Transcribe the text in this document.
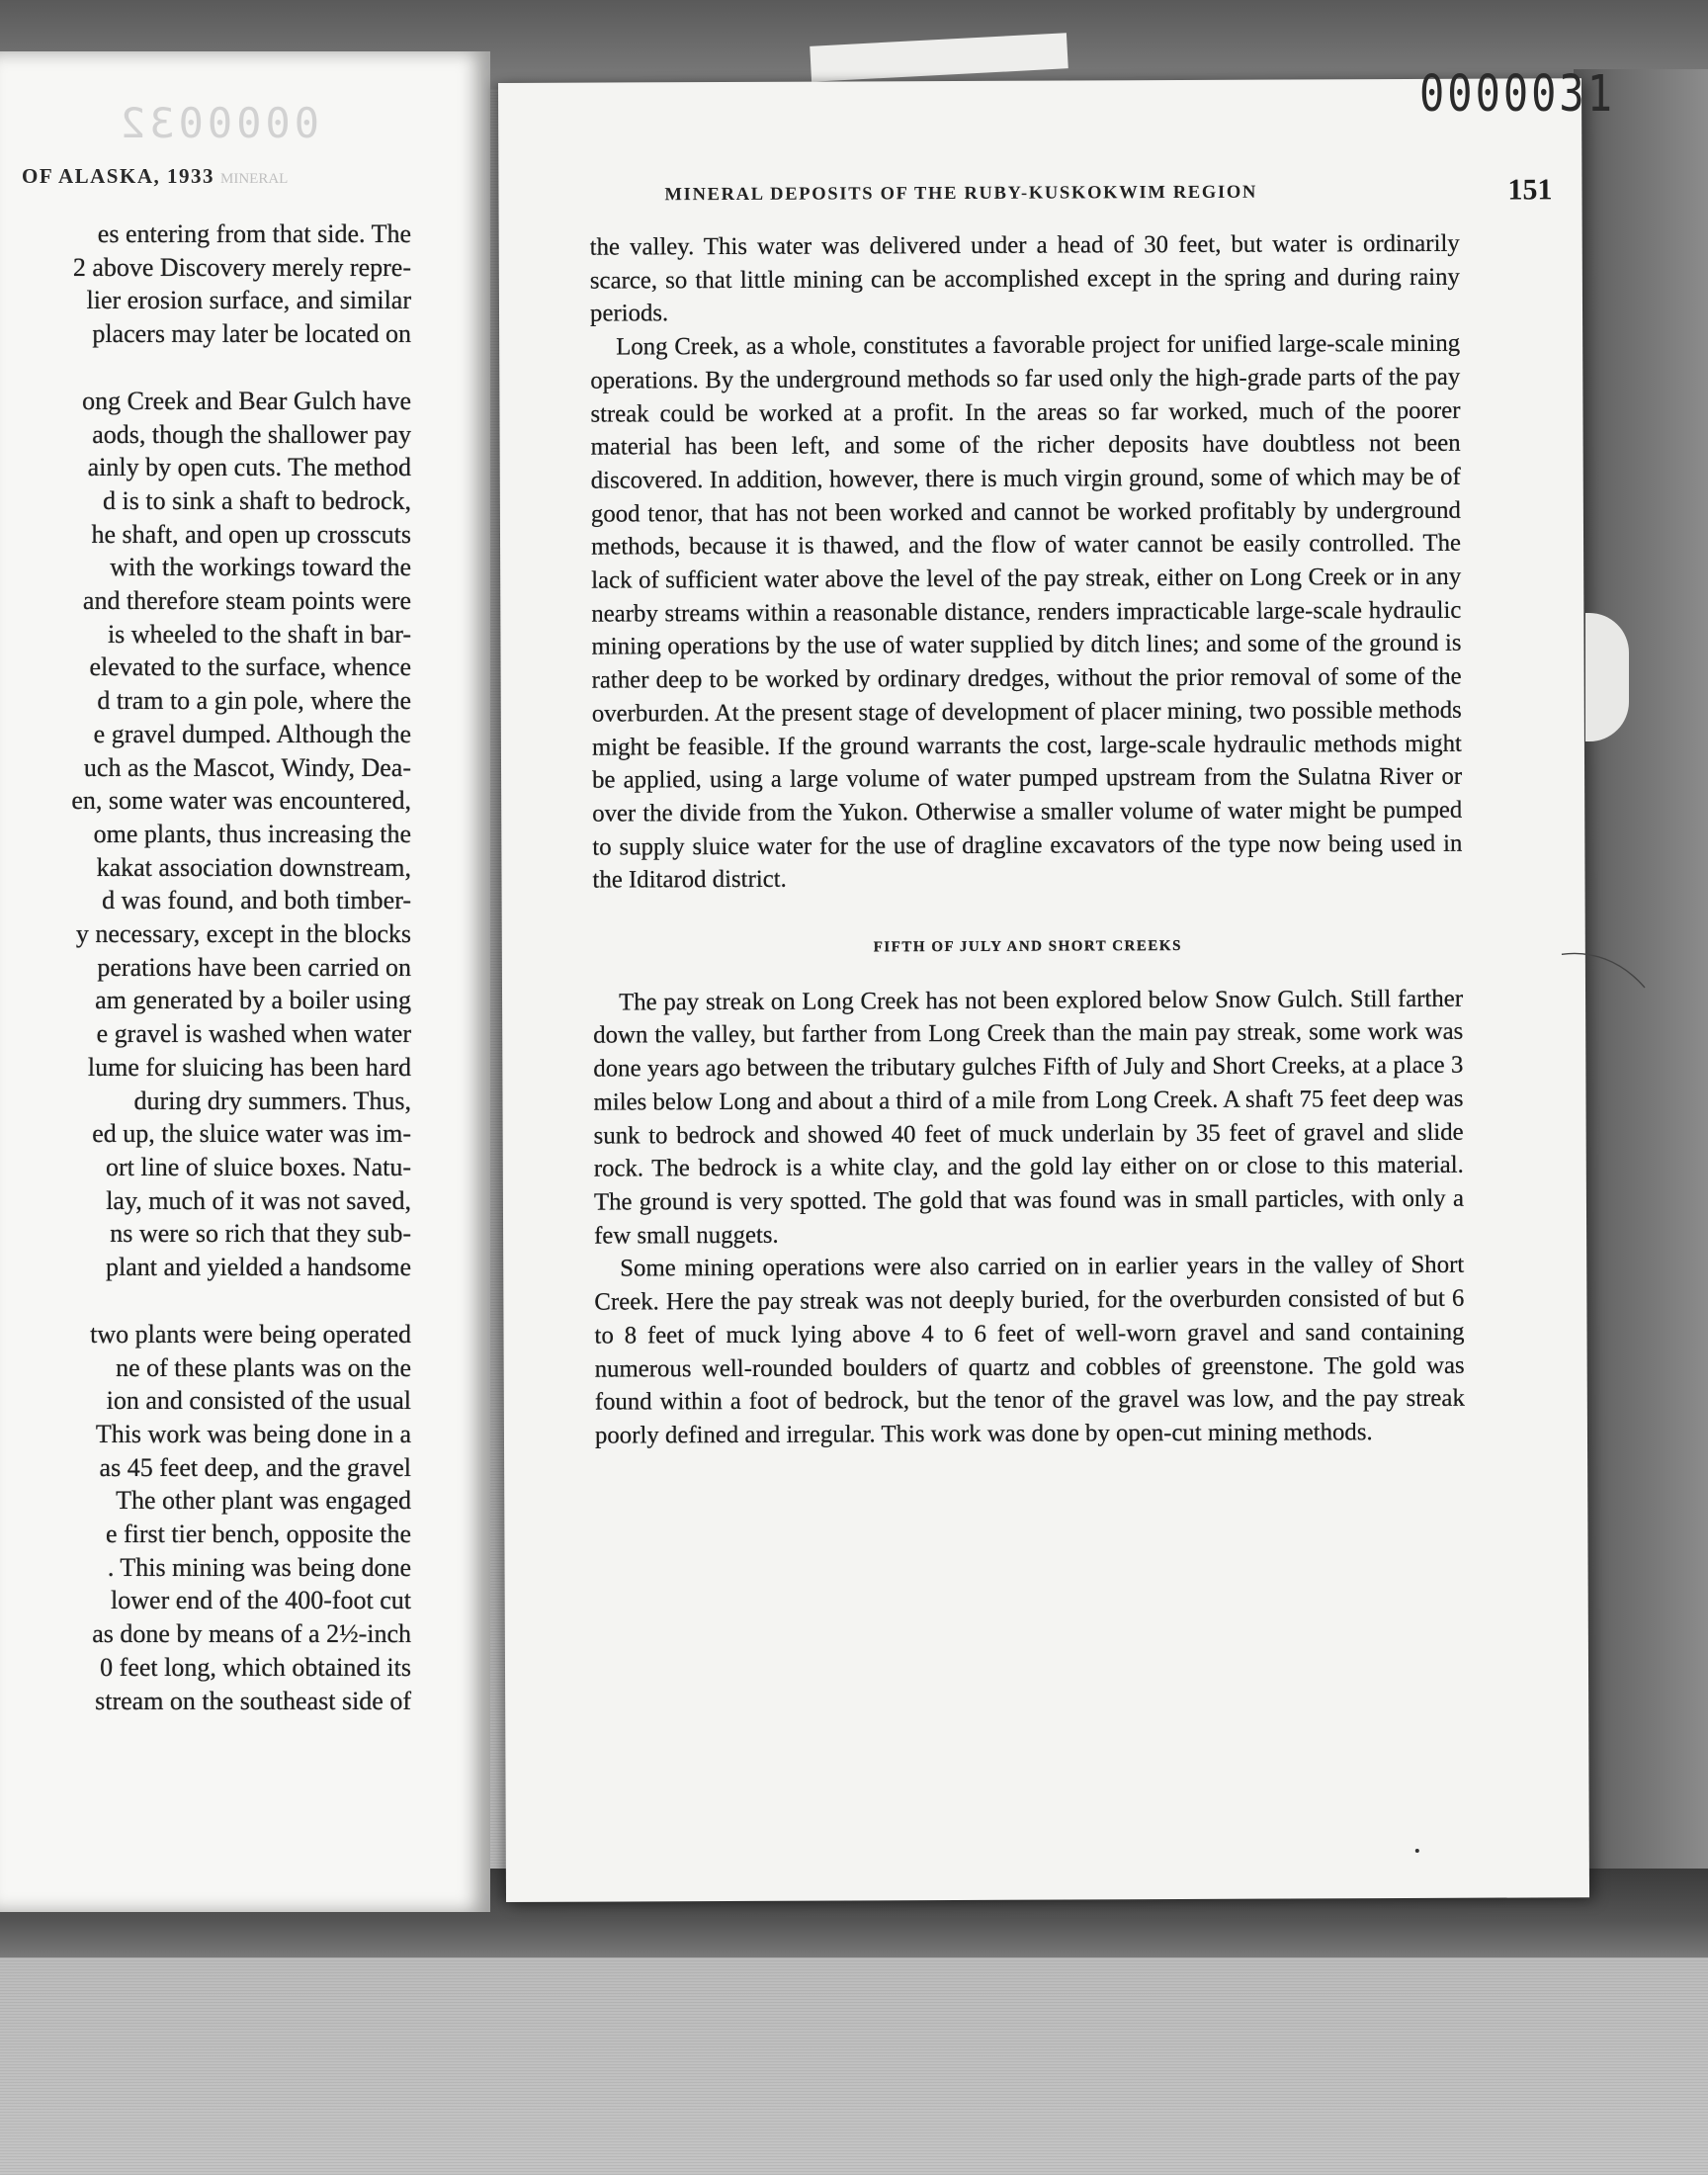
0000032
OF ALASKA, 1933 MINERAL
es entering from that side. The
2 above Discovery merely repre-
lier erosion surface, and similar
placers may later be located on
ong Creek and Bear Gulch have
aods, though the shallower pay
ainly by open cuts. The method
d is to sink a shaft to bedrock,
he shaft, and open up crosscuts
with the workings toward the
and therefore steam points were
is wheeled to the shaft in bar-
elevated to the surface, whence
d tram to a gin pole, where the
e gravel dumped. Although the
uch as the Mascot, Windy, Dea-
en, some water was encountered,
ome plants, thus increasing the
kakat association downstream,
d was found, and both timber-
y necessary, except in the blocks
perations have been carried on
am generated by a boiler using
e gravel is washed when water
lume for sluicing has been hard
during dry summers. Thus,
ed up, the sluice water was im-
ort line of sluice boxes. Natu-
lay, much of it was not saved,
ns were so rich that they sub-
plant and yielded a handsome
two plants were being operated
ne of these plants was on the
ion and consisted of the usual
This work was being done in a
as 45 feet deep, and the gravel
The other plant was engaged
e first tier bench, opposite the
. This mining was being done
lower end of the 400-foot cut
as done by means of a 2½-inch
0 feet long, which obtained its
stream on the southeast side of
MINERAL DEPOSITS OF THE RUBY-KUSKOKWIM REGION	151

the valley. This water was delivered under a head of 30 feet, but water is ordinarily scarce, so that little mining can be accomplished except in the spring and during rainy periods.

Long Creek, as a whole, constitutes a favorable project for unified large-scale mining operations. By the underground methods so far used only the high-grade parts of the pay streak could be worked at a profit. In the areas so far worked, much of the poorer material has been left, and some of the richer deposits have doubtless not been discovered. In addition, however, there is much virgin ground, some of which may be of good tenor, that has not been worked and cannot be worked profitably by underground methods, because it is thawed, and the flow of water cannot be easily controlled. The lack of sufficient water above the level of the pay streak, either on Long Creek or in any nearby streams within a reasonable distance, renders impracticable large-scale hydraulic mining operations by the use of water supplied by ditch lines; and some of the ground is rather deep to be worked by ordinary dredges, without the prior removal of some of the overburden. At the present stage of development of placer mining, two possible methods might be feasible. If the ground warrants the cost, large-scale hydraulic methods might be applied, using a large volume of water pumped upstream from the Sulatna River or over the divide from the Yukon. Otherwise a smaller volume of water might be pumped to supply sluice water for the use of dragline excavators of the type now being used in the Iditarod district.

FIFTH OF JULY AND SHORT CREEKS

The pay streak on Long Creek has not been explored below Snow Gulch. Still farther down the valley, but farther from Long Creek than the main pay streak, some work was done years ago between the tributary gulches Fifth of July and Short Creeks, at a place 3 miles below Long and about a third of a mile from Long Creek. A shaft 75 feet deep was sunk to bedrock and showed 40 feet of muck underlain by 35 feet of gravel and slide rock. The bedrock is a white clay, and the gold lay either on or close to this material. The ground is very spotted. The gold that was found was in small particles, with only a few small nuggets.

Some mining operations were also carried on in earlier years in the valley of Short Creek. Here the pay streak was not deeply buried, for the overburden consisted of but 6 to 8 feet of muck lying above 4 to 6 feet of well-worn gravel and sand containing numerous well-rounded boulders of quartz and cobbles of greenstone. The gold was found within a foot of bedrock, but the tenor of the gravel was low, and the pay streak poorly defined and irregular. This work was done by open-cut mining methods.

0000031
